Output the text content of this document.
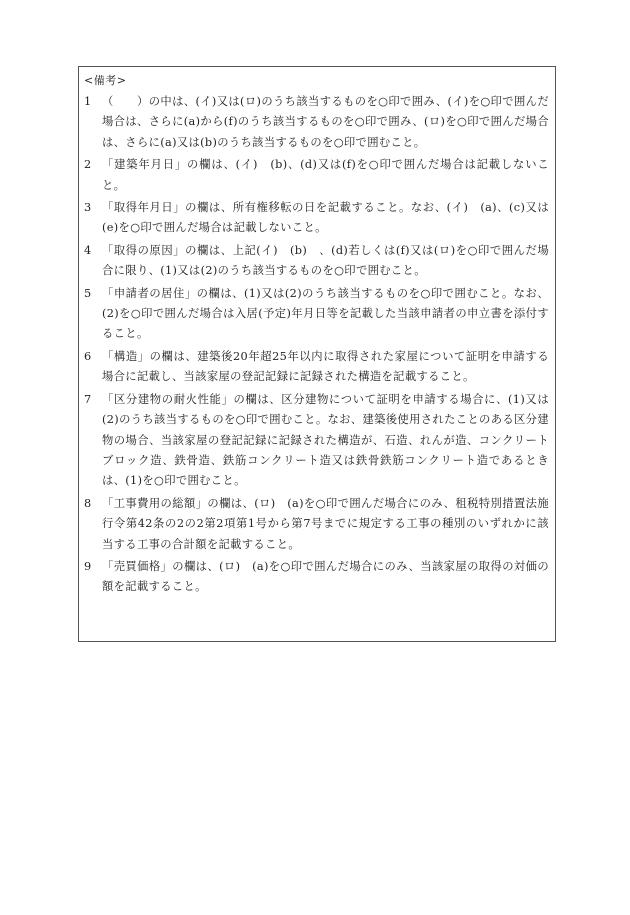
<備考>
1 （　　）の中は、(イ)又は(ロ)のうち該当するものを○印で囲み、(イ)を○印で囲んだ場合は、さらに(a)から(f)のうち該当するものを○印で囲み、(ロ)を○印で囲んだ場合は、さらに(a)又は(b)のうち該当するものを○印で囲むこと。
2 「建築年月日」の欄は、(イ)　(b)、(d)又は(f)を○印で囲んだ場合は記載しないこと。
3 「取得年月日」の欄は、所有権移転の日を記載すること。なお、(イ)　(a)、(c)又は(e)を○印で囲んだ場合は記載しないこと。
4 「取得の原因」の欄は、上記(イ)　(b)　、(d)若しくは(f)又は(ロ)を○印で囲んだ場合に限り、(1)又は(2)のうち該当するものを○印で囲むこと。
5 「申請者の居住」の欄は、(1)又は(2)のうち該当するものを○印で囲むこと。なお、(2)を○印で囲んだ場合は入居(予定)年月日等を記載した当該申請者の申立書を添付すること。
6 「構造」の欄は、建築後20年超25年以内に取得された家屋について証明を申請する場合に記載し、当該家屋の登記記録に記録された構造を記載すること。
7 「区分建物の耐火性能」の欄は、区分建物について証明を申請する場合に、(1)又は(2)のうち該当するものを○印で囲むこと。なお、建築後使用されたことのある区分建物の場合、当該家屋の登記記録に記録された構造が、石造、れんが造、コンクリートブロック造、鉄骨造、鉄筋コンクリート造又は鉄骨鉄筋コンクリート造であるときは、(1)を○印で囲むこと。
8 「工事費用の総額」の欄は、(ロ)　(a)を○印で囲んだ場合にのみ、租税特別措置法施行令第42条の2の2第2項第1号から第7号までに規定する工事の種別のいずれかに該当する工事の合計額を記載すること。
9 「売買価格」の欄は、(ロ)　(a)を○印で囲んだ場合にのみ、当該家屋の取得の対価の額を記載すること。
